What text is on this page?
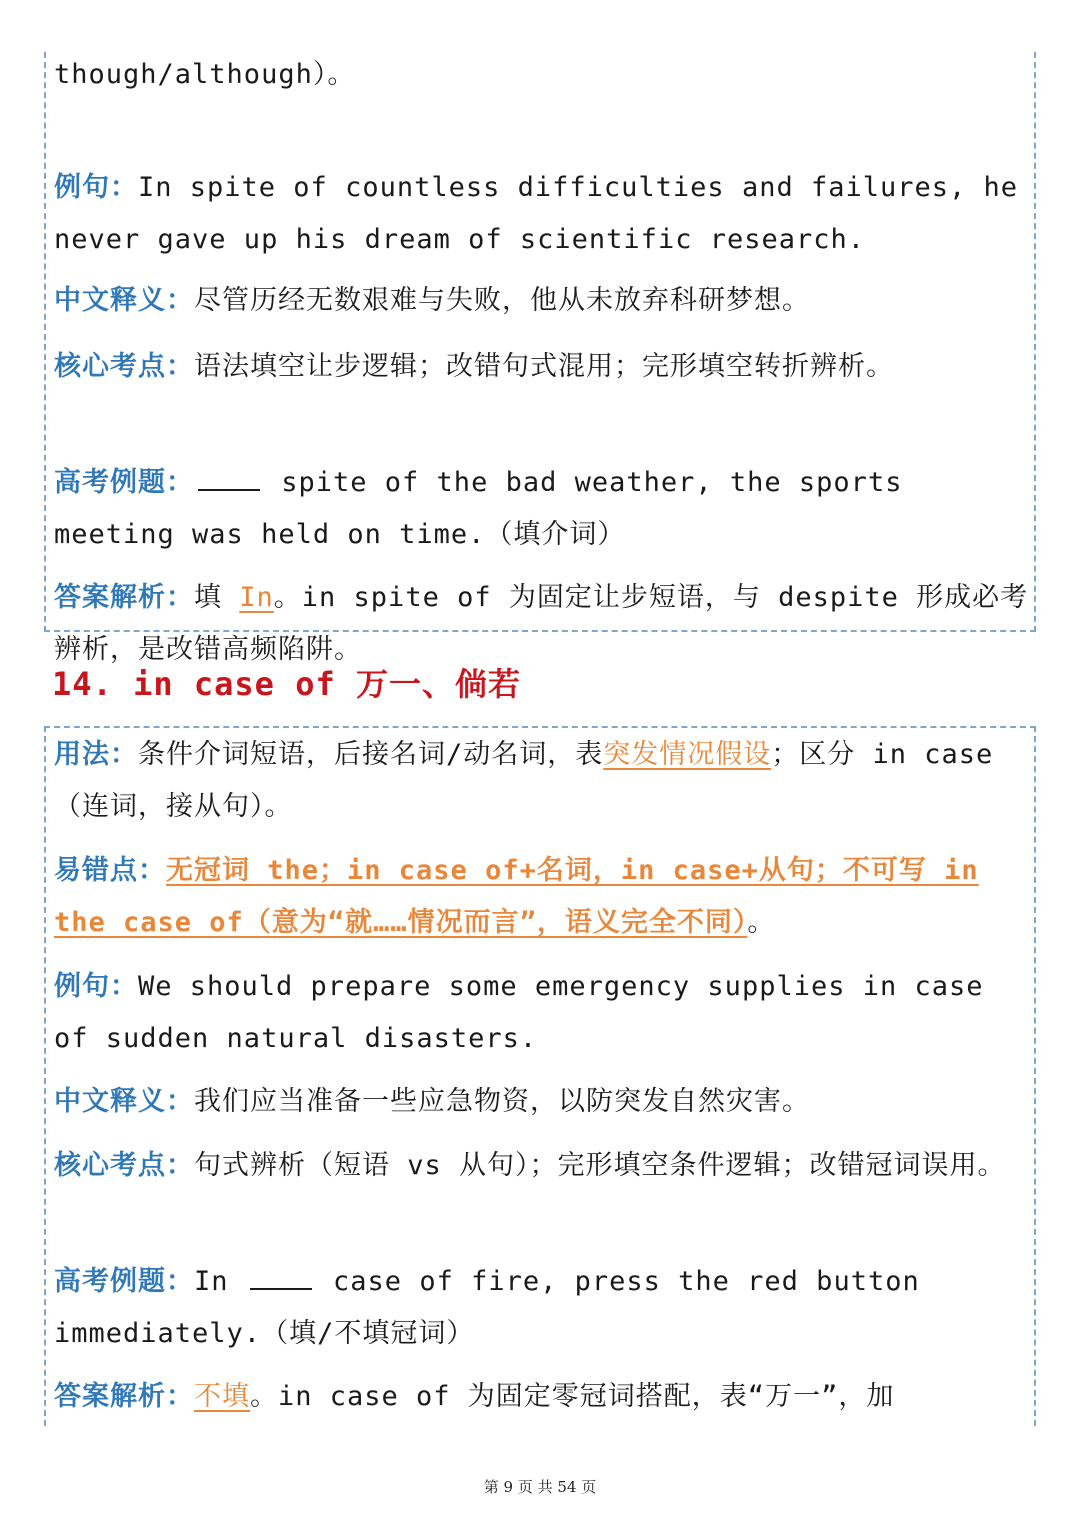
though/although）。

例句：In spite of countless difficulties and failures, he never gave up his dream of scientific research.

中文释义：尽管历经无数艰难与失败，他从未放弃科研梦想。

核心考点：语法填空让步逻辑；改错句式混用；完形填空转折辨析。

高考例题：	spite of the bad weather, the sports meeting was held on time.（填介词）

答案解析：填 In。in spite of 为固定让步短语，与 despite 形成必考辨析，是改错高频陷阱。

14. in case of 万一、倘若

用法：条件介词短语，后接名词/动名词，表突发情况假设；区分 in case（连词，接从句）。

易错点：无冠词 the；in case of+名词，in case+从句；不可写 in the case of（意为“就……情况而言”，语义完全不同）。

例句：We should prepare some emergency supplies in case of sudden natural disasters.

中文释义：我们应当准备一些应急物资，以防突发自然灾害。

核心考点：句式辨析（短语 vs 从句）；完形填空条件逻辑；改错冠词误用。

高考例题：In	case of fire, press the red button immediately.（填/不填冠词）

答案解析：不填。in case of 为固定零冠词搭配，表“万一”，加

第 9 页 共 54 页
